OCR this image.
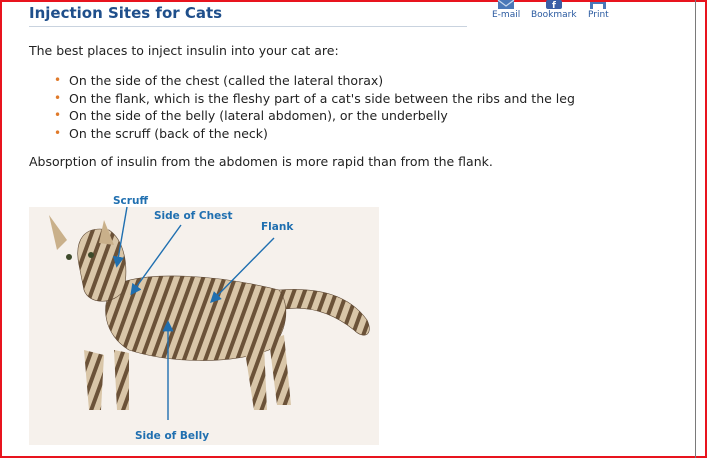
Injection Sites for Cats	E-mail
f
Bookmark Print
The best places to inject insulin into your cat are:
• On the side of the chest (called the lateral thorax)
• On the flank, which is the fleshy part of a cat's side between the ribs and the leg
• On the side of the belly (lateral abdomen), or the underbelly
• On the scruff (back of the neck)
Absorption of insulin from the abdomen is more rapid than from the flank.
Scruff
Side of Chest
Flank
Side of Belly
